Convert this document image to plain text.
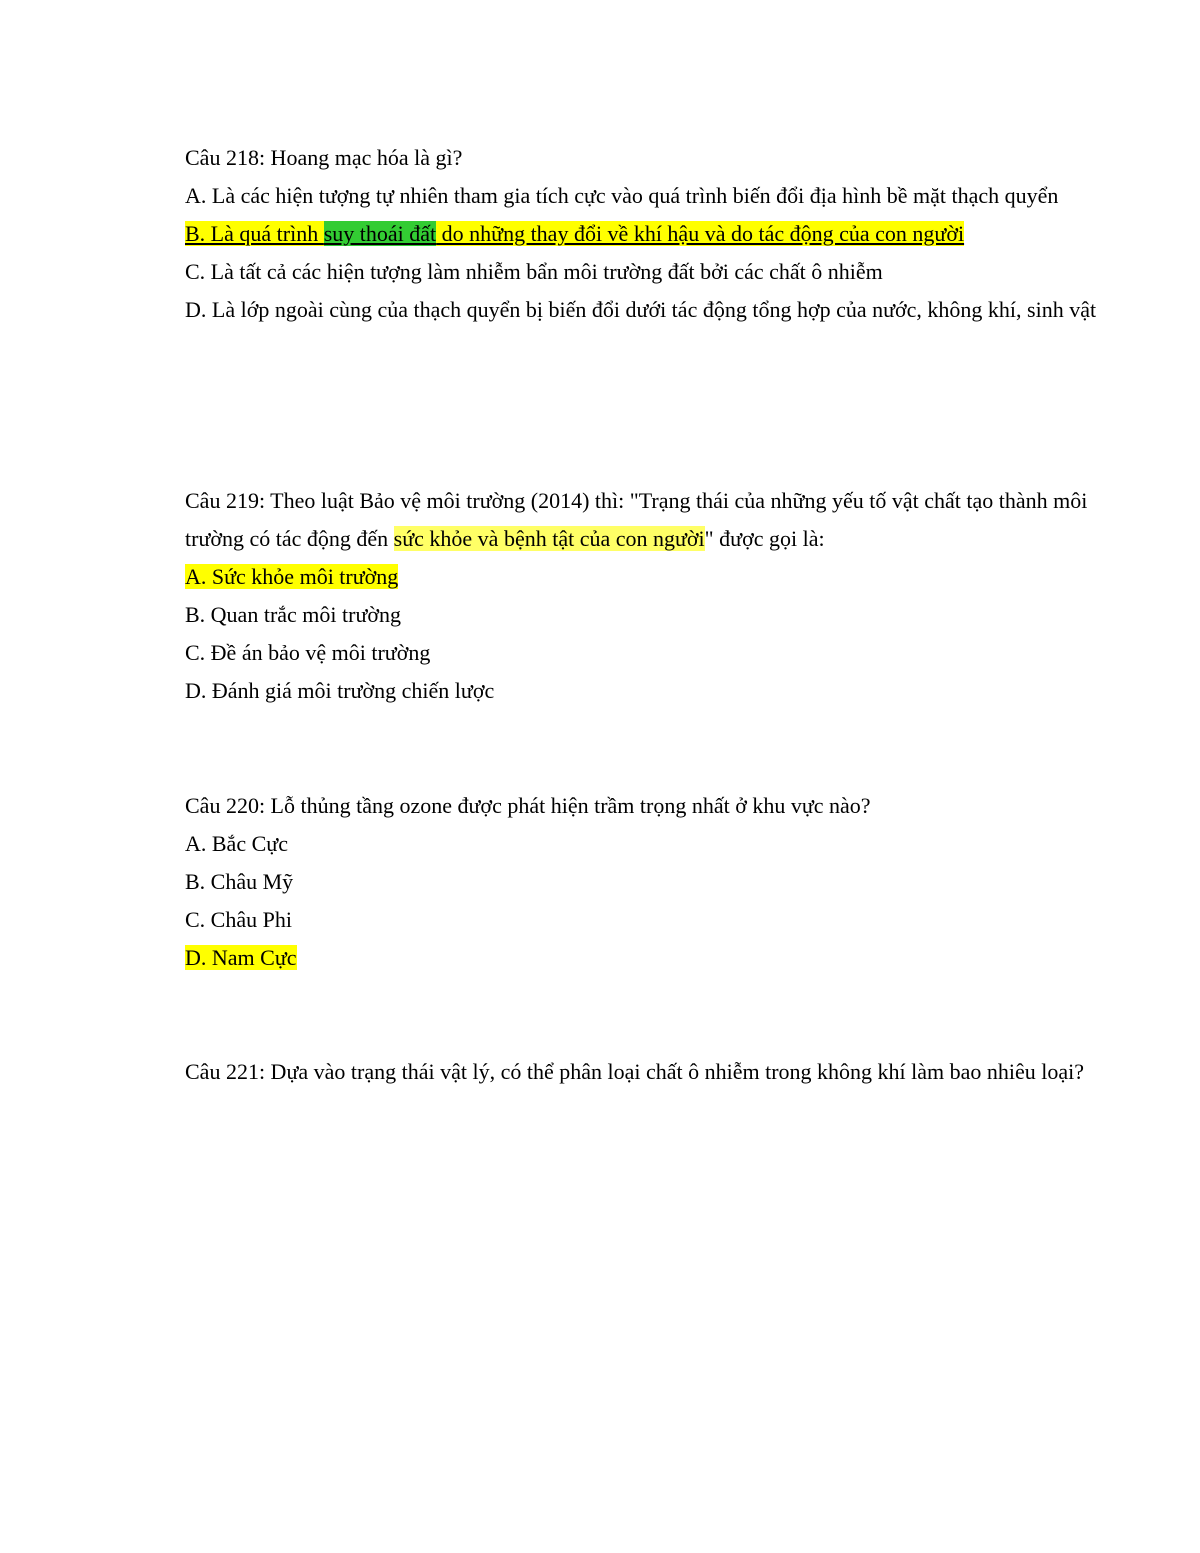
Câu 218: Hoang mạc hóa là gì?
A. Là các hiện tượng tự nhiên tham gia tích cực vào quá trình biến đổi địa hình bề mặt thạch quyển
B. Là quá trình suy thoái đất do những thay đổi về khí hậu và do tác động của con người
C. Là tất cả các hiện tượng làm nhiễm bẩn môi trường đất bởi các chất ô nhiễm
D. Là lớp ngoài cùng của thạch quyển bị biến đổi dưới tác động tổng hợp của nước, không khí, sinh vật
Câu 219: Theo luật Bảo vệ môi trường (2014) thì: "Trạng thái của những yếu tố vật chất tạo thành môi trường có tác động đến sức khỏe và bệnh tật của con người" được gọi là:
A. Sức khỏe môi trường
B. Quan trắc môi trường
C. Đề án bảo vệ môi trường
D. Đánh giá môi trường chiến lược
Câu 220: Lỗ thủng tầng ozone được phát hiện trầm trọng nhất ở khu vực nào?
A. Bắc Cực
B. Châu Mỹ
C. Châu Phi
D. Nam Cực
Câu 221: Dựa vào trạng thái vật lý, có thể phân loại chất ô nhiễm trong không khí làm bao nhiêu loại?
